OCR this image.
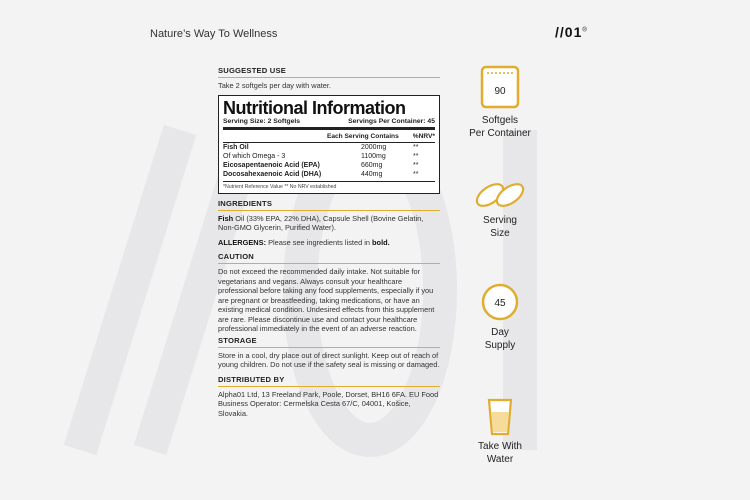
Nature’s Way To Wellness	//01®
SUGGESTED USE
Take 2 softgels per day with water.
Nutritional Information
Serving Size: 2 Softgels	Servings Per Container: 45
Each Serving Contains %NRV*
Fish Oil	2000mg	**
Of which Omega - 3	1100mg	**
Eicosapentaenoic Acid (EPA)	660mg	**
Docosahexaenoic Acid (DHA)	440mg	**
*Nutrient Reference Value ** No NRV established
INGREDIENTS
Fish Oil (33% EPA, 22% DHA), Capsule Shell (Bovine Gelatin, Non-GMO Glycerin, Purified Water).
ALLERGENS: Please see ingredients listed in bold.
CAUTION
Do not exceed the recommended daily intake. Not suitable for vegetarians and vegans. Always consult your healthcare professional before taking any food supplements, especially if you are pregnant or breastfeeding, taking medications, or have an existing medical condition. Undesired effects from this supplement are rare. Please discontinue use and contact your healthcare professional immediately in the event of an adverse reaction.
STORAGE
Store in a cool, dry place out of direct sunlight. Keep out of reach of young children. Do not use if the safety seal is missing or damaged.
DISTRIBUTED BY
Alpha01 Ltd, 13 Freeland Park, Poole, Dorset, BH16 6FA. EU Food Business Operator: Cermelska Cesta 67/C, 04001, Košice, Slovakia.
90
Softgels
Per Container
Serving
Size
45
Day
Supply
Take With
Water
